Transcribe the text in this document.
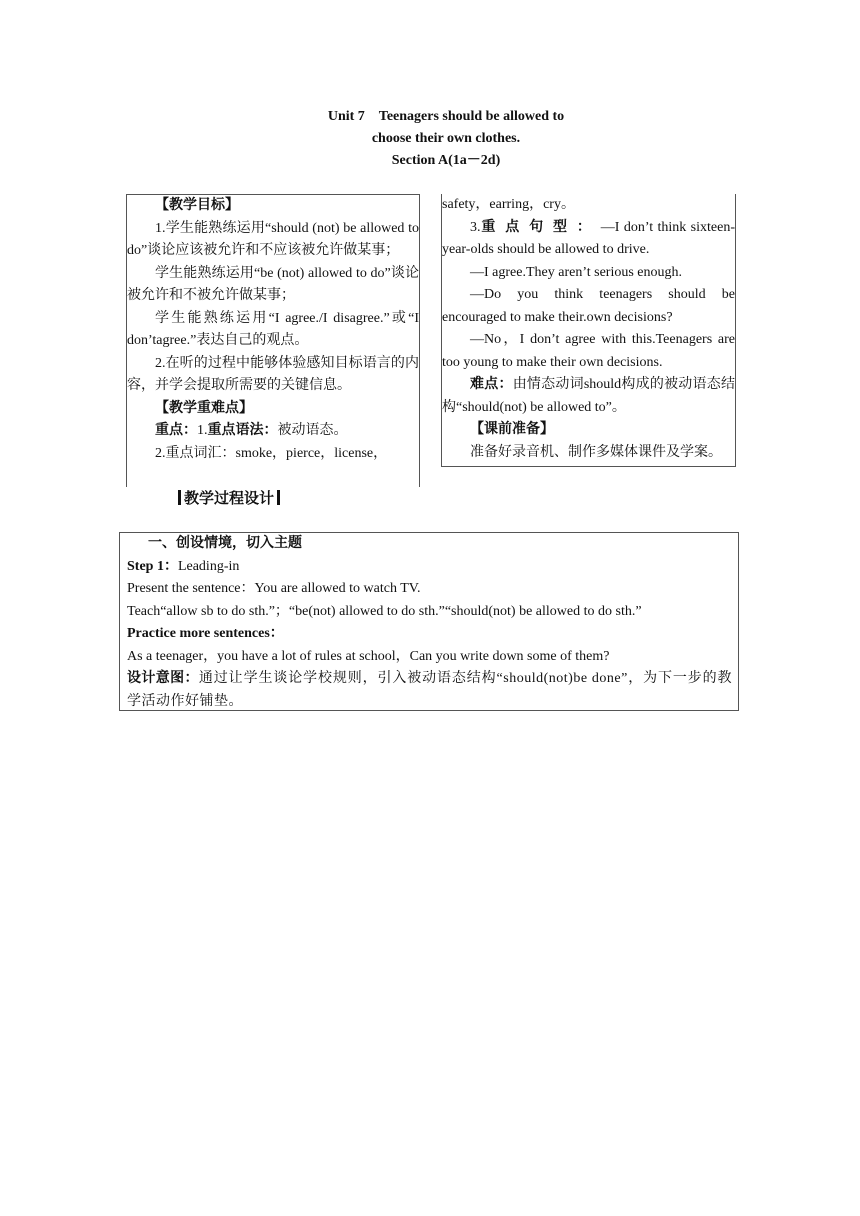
Unit 7　Teenagers should be allowed to
choose their own clothes.
Section A(1a－2d)

【教学目标】

1.学生能熟练运用“should (not) be allowed to do”谈论应该被允许和不应该被允许做某事；

学生能熟练运用“be (not) allowed to do”谈论被允许和不被允许做某事；

学生能熟练运用“I agree./I disagree.”或“I don’tagree.”表达自己的观点。

2.在听的过程中能够体验感知目标语言的内容，并学会提取所需要的关键信息。

【教学重难点】

重点：1.重点语法：被动语态。

2.重点词汇：smoke，pierce，license，

safety，earring，cry。

3.重点句型：—I don’t think sixteen-year-olds should be allowed to drive.

—I agree.They aren’t serious enough.

—Do you think teenagers should be encouraged to make their.own decisions?

—No，I don’t agree with this.Teenagers are too young to make their own decisions.

难点：由情态动词should构成的被动语态结构“should(not) be allowed to”。

【课前准备】

准备好录音机、制作多媒体课件及学案。

教学过程设计

一、创设情境，切入主题

Step 1：Leading-in

Present the sentence：You are allowed to watch TV.

Teach“allow sb to do sth.”；“be(not) allowed to do sth.”“should(not) be allowed to do sth.”

Practice more sentences：

As a teenager，you have a lot of rules at school，Can you write down some of them?

设计意图：通过让学生谈论学校规则，引入被动语态结构“should(not)be done”，为下一步的教学活动作好铺垫。
